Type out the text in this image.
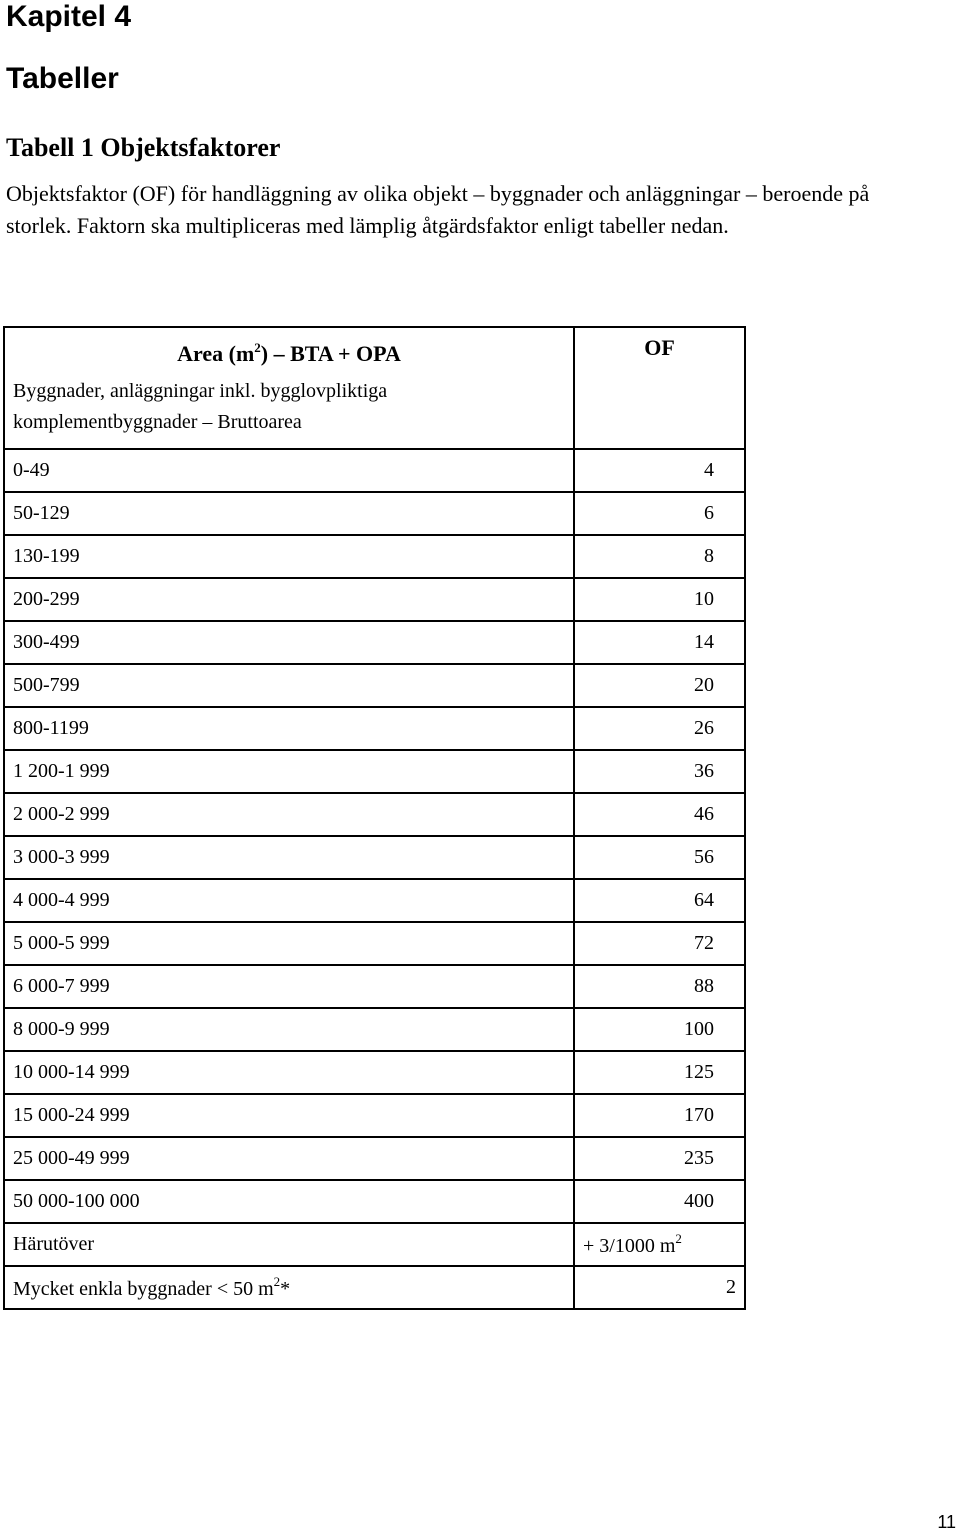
Kapitel 4
Tabeller
Tabell 1 Objektsfaktorer

Objektsfaktor (OF) för handläggning av olika objekt – byggnader och anläggningar – beroende på storlek. Faktorn ska multipliceras med lämplig åtgärdsfaktor enligt tabeller nedan.

Area $(m^2)$ – BTA + OPA
Byggnader, anläggningar inkl. bygglovpliktiga komplementbyggnader – Bruttoarea	OF
0-49	4
50-129	6
130-199	8
200-299	10
300-499	14
500-799	20
800-1199	26
1 200-1 999	36
2 000-2 999	46
3 000-3 999	56
4 000-4 999	64
5 000-5 999	72
6 000-7 999	88
8 000-9 999	100
10 000-14 999	125
15 000-24 999	170
25 000-49 999	235
50 000-100 000	400
Härutöver	+ 3/1000 $m^2$
Mycket enkla byggnader < 50 $m^2*$	2
11
